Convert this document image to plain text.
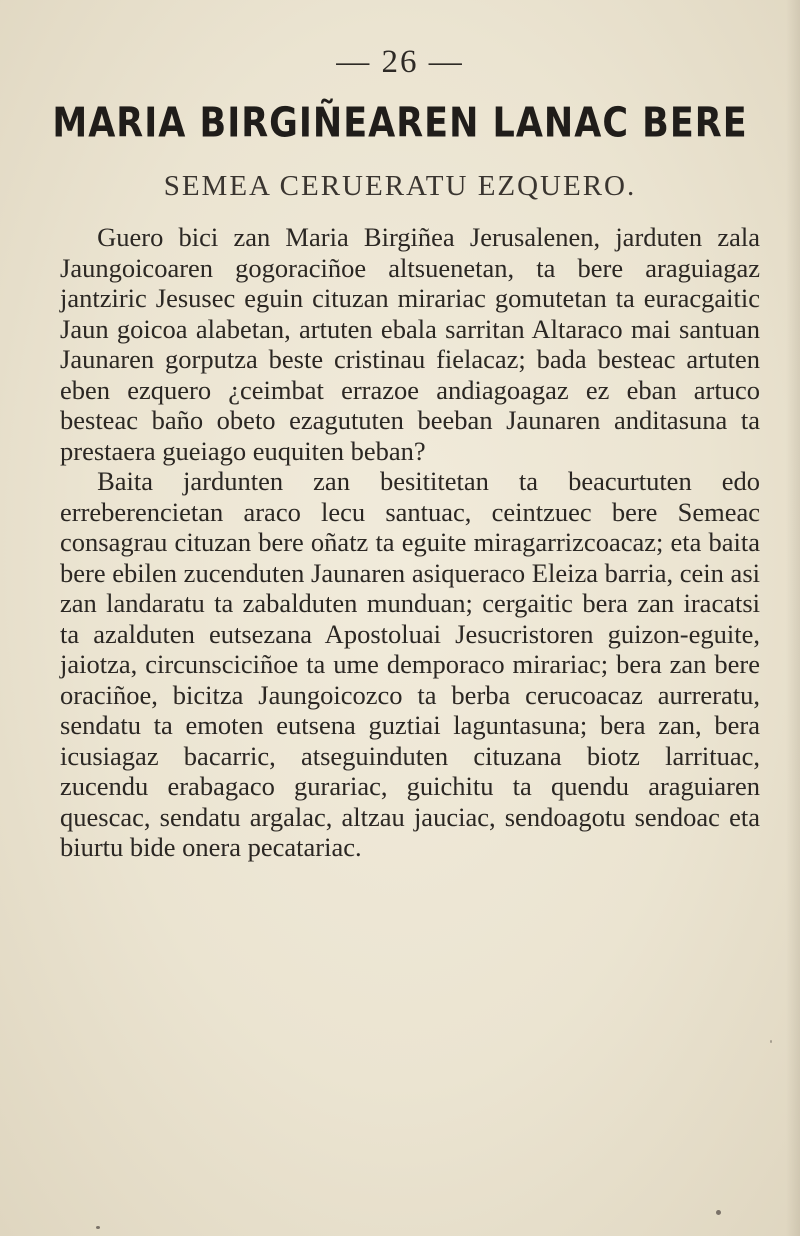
— 26 —
MARIA BIRGIÑEAREN LANAC BERE
SEMEA CERUERATU EZQUERO.

Guero bici zan Maria Birgiñea Jerusalenen, jarduten zala Jaungoicoaren gogoraciñoe altsuenetan, ta bere araguiagaz jantziric Jesusec eguin cituzan mirariac gomutetan ta euracgaitic Jaun goicoa alabetan, artuten ebala sarritan Altaraco mai santuan Jaunaren gorputza beste cristinau fielacaz; bada besteac artuten eben ezquero ¿ceimbat errazoe andiagoagaz ez eban artuco besteac baño obeto ezagututen beeban Jaunaren anditasuna ta prestaera gueiago euquiten beban?

Baita jardunten zan besititetan ta beacurtuten edo erreberencietan araco lecu santuac, ceintzuec bere Semeac consagrau cituzan bere oñatz ta eguite miragarrizcoacaz; eta baita bere ebilen zucenduten Jaunaren asiqueraco Eleiza barria, cein asi zan landaratu ta zabalduten munduan; cergaitic bera zan iracatsi ta azalduten eutsezana Apostoluai Jesucristoren guizon-eguite, jaiotza, circunsciciñoe ta ume demporaco mirariac; bera zan bere oraciñoe, bicitza Jaungoicozco ta berba cerucoacaz aurreratu, sendatu ta emoten eutsena guztiai laguntasuna; bera zan, bera icusiagaz bacarric, atseguinduten cituzana biotz larrituac, zucendu erabagaco gurariac, guichitu ta quendu araguiaren quescac, sendatu argalac, altzau jauciac, sendoagotu sendoac eta biurtu bide onera pecatariac.
